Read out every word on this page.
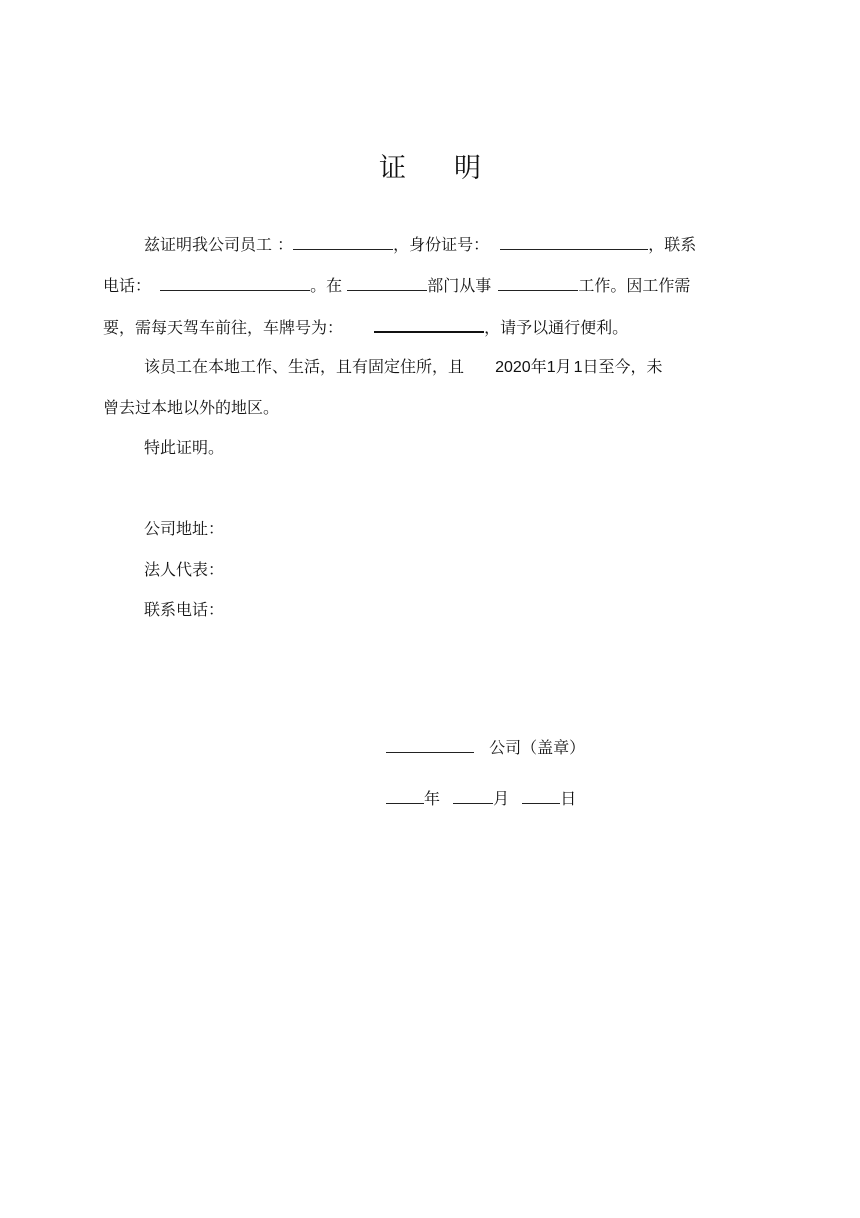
证 明
兹证明我公司员工 ：	，身份证号：	，联系
电话：	。在	部门从事	工作。因工作需
要，需每天驾车前往，车牌号为：	，请予以通行便利。
该员工在本地工作、生活，且有固定住所，且 2020年1月 1日至今，未
曾去过本地以外的地区。
特此证明。
公司地址：
法人代表：
联系电话：
公司（盖章）
年	月	日
